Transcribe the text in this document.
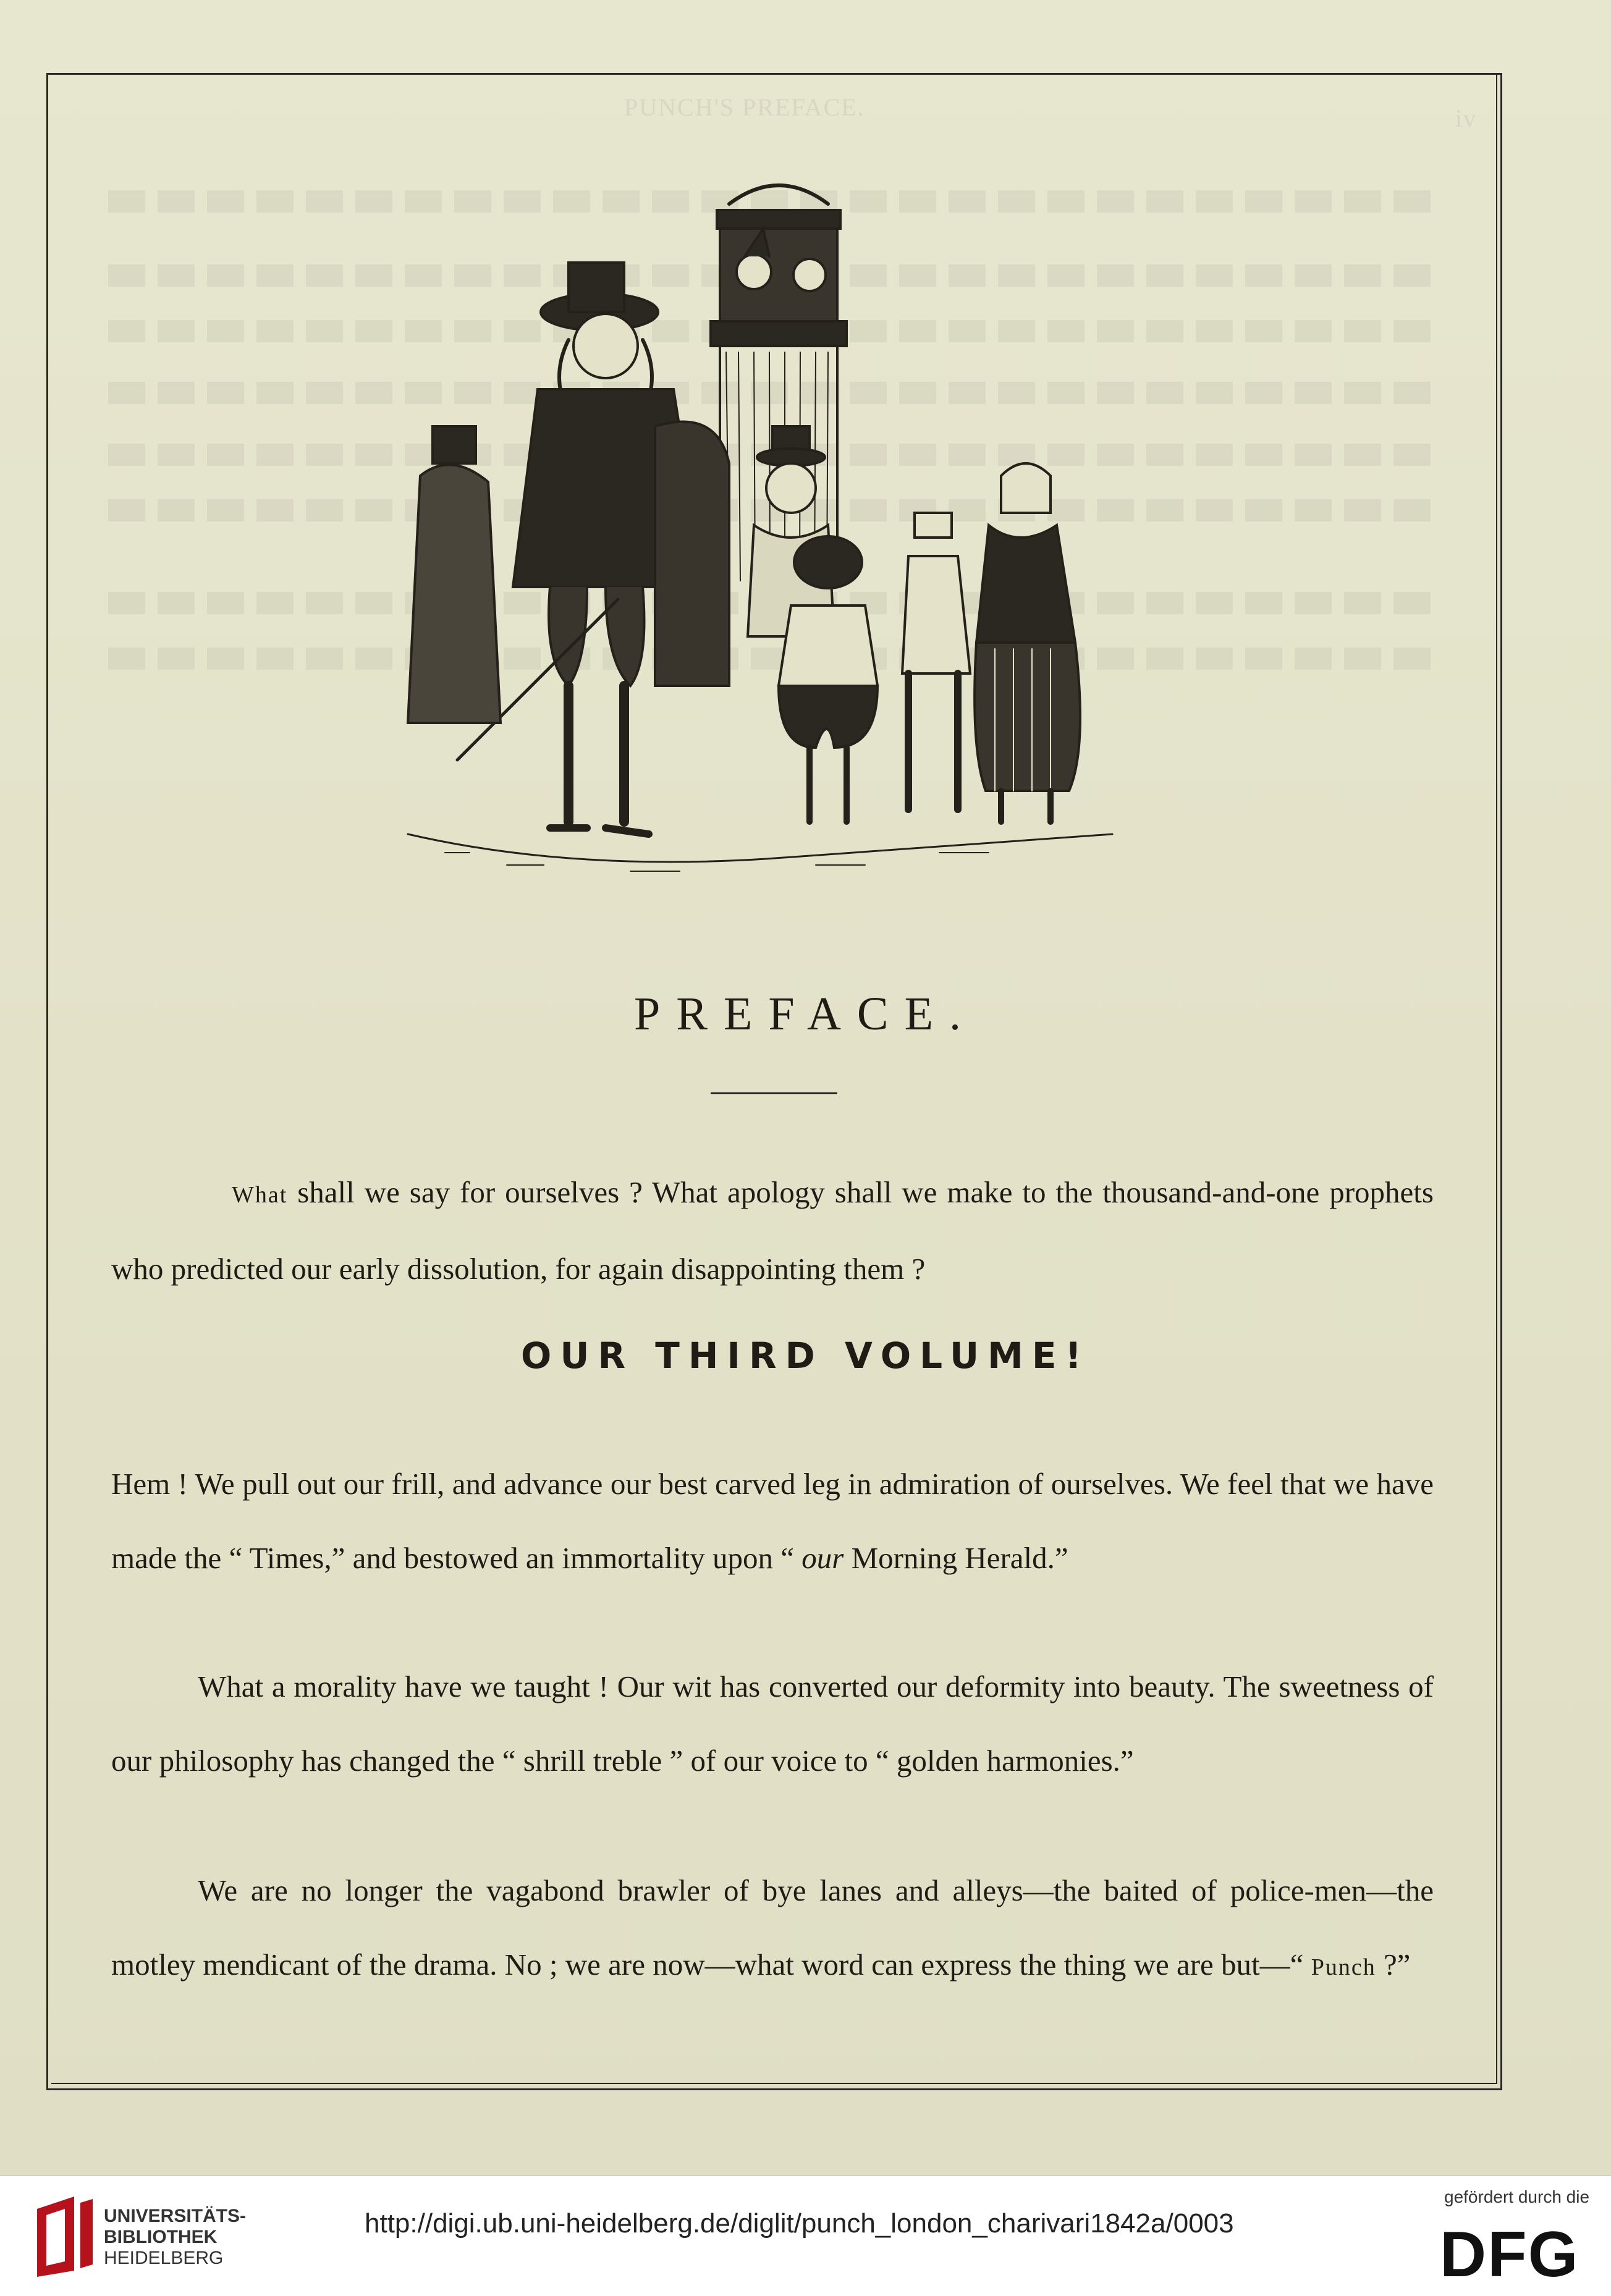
PUNCH'S PREFACE.	iv
PREFACE.
What shall we say for ourselves ? What apology shall we make to the thousand-and-one prophets who predicted our early dissolution, for again disappointing them ?
OUR THIRD VOLUME!
Hem ! We pull out our frill, and advance our best carved leg in admiration of ourselves. We feel that we have made the “ Times,” and bestowed an immortality upon “ our Morning Herald.”
What a morality have we taught ! Our wit has converted our deformity into beauty. The sweetness of our philosophy has changed the “ shrill treble ” of our voice to “ golden harmonies.”
We are no longer the vagabond brawler of bye lanes and alleys—the baited of police-men—the motley mendicant of the drama. No ; we are now—what word can express the thing we are but—“ Punch ?”
UNIVERSITÄTS-
BIBLIOTHEK
HEIDELBERG
http://digi.ub.uni-heidelberg.de/diglit/punch_london_charivari1842a/0003
gefördert durch die
DFG
